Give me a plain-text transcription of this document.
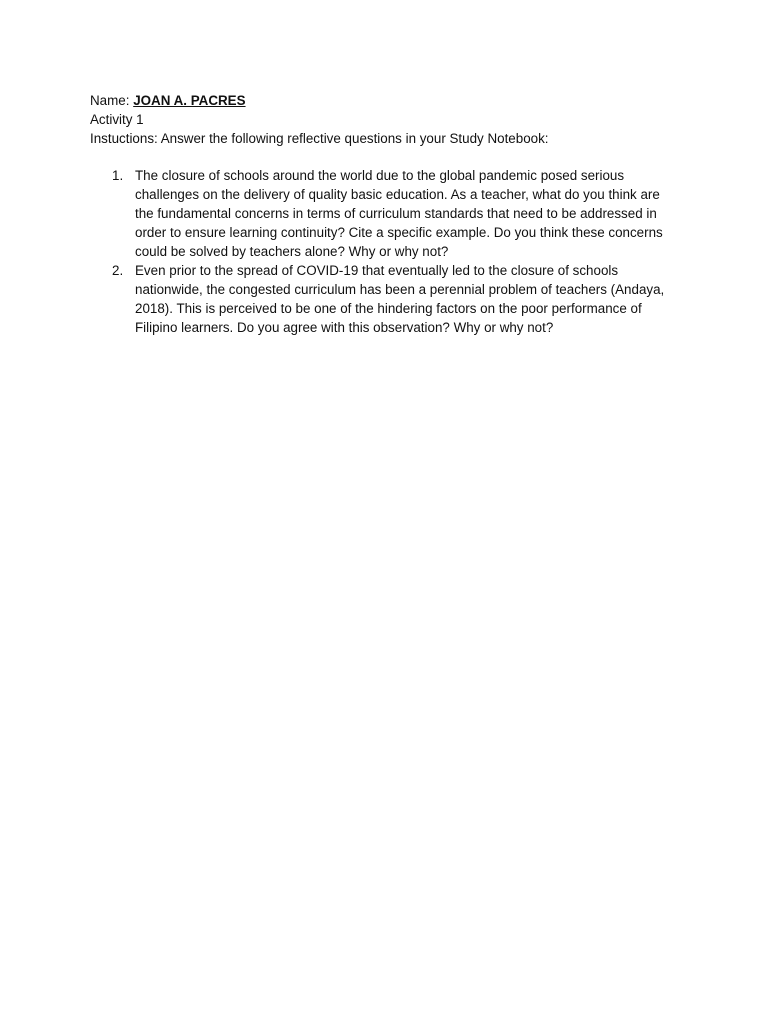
Name: JOAN A. PACRES
Activity 1
Instuctions: Answer the following reflective questions in your Study Notebook:
1. The closure of schools around the world due to the global pandemic posed serious challenges on the delivery of quality basic education. As a teacher, what do you think are the fundamental concerns in terms of curriculum standards that need to be addressed in order to ensure learning continuity? Cite a specific example. Do you think these concerns could be solved by teachers alone? Why or why not?
2. Even prior to the spread of COVID-19 that eventually led to the closure of schools nationwide, the congested curriculum has been a perennial problem of teachers (Andaya, 2018). This is perceived to be one of the hindering factors on the poor performance of Filipino learners. Do you agree with this observation? Why or why not?
